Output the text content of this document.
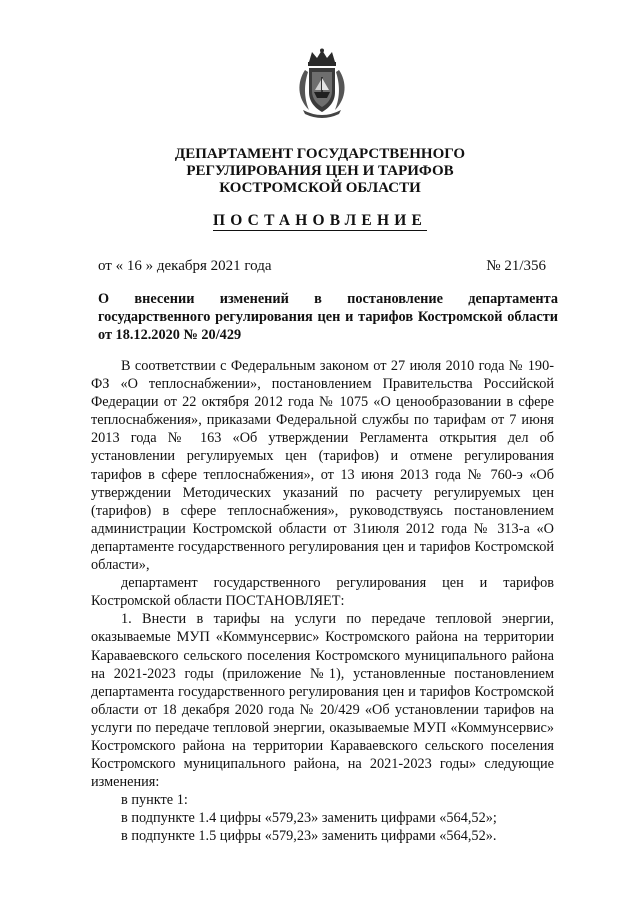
ДЕПАРТАМЕНТ ГОСУДАРСТВЕННОГО
РЕГУЛИРОВАНИЯ ЦЕН И ТАРИФОВ
КОСТРОМСКОЙ ОБЛАСТИ
ПОСТАНОВЛЕНИЕ
от « 16 » декабря 2021 года	№ 21/356
О внесении изменений в постановление департамента государственного регулирования цен и тарифов Костромской области от 18.12.2020 № 20/429

В соответствии с Федеральным законом от 27 июля 2010 года № 190-ФЗ «О теплоснабжении», постановлением Правительства Российской Федерации от 22 октября 2012 года № 1075 «О ценообразовании в сфере теплоснабжения», приказами Федеральной службы по тарифам от 7 июня 2013 года № 163 «Об утверждении Регламента открытия дел об установлении регулируемых цен (тарифов) и отмене регулирования тарифов в сфере теплоснабжения», от 13 июня 2013 года № 760-э «Об утверждении Методических указаний по расчету регулируемых цен (тарифов) в сфере теплоснабжения», руководствуясь постановлением администрации Костромской области от 31июля 2012 года № 313-а «О департаменте государственного регулирования цен и тарифов Костромской области»,

департамент государственного регулирования цен и тарифов Костромской области ПОСТАНОВЛЯЕТ:

1. Внести в тарифы на услуги по передаче тепловой энергии, оказываемые МУП «Коммунсервис» Костромского района на территории Караваевского сельского поселения Костромского муниципального района на 2021-2023 годы (приложение №1), установленные постановлением департамента государственного регулирования цен и тарифов Костромской области от 18 декабря 2020 года № 20/429 «Об установлении тарифов на услуги по передаче тепловой энергии, оказываемые МУП «Коммунсервис» Костромского района на территории Караваевского сельского поселения Костромского муниципального района, на 2021-2023 годы» следующие изменения:

в пункте 1:

в подпункте 1.4 цифры «579,23» заменить цифрами «564,52»;

в подпункте 1.5 цифры «579,23» заменить цифрами «564,52».
